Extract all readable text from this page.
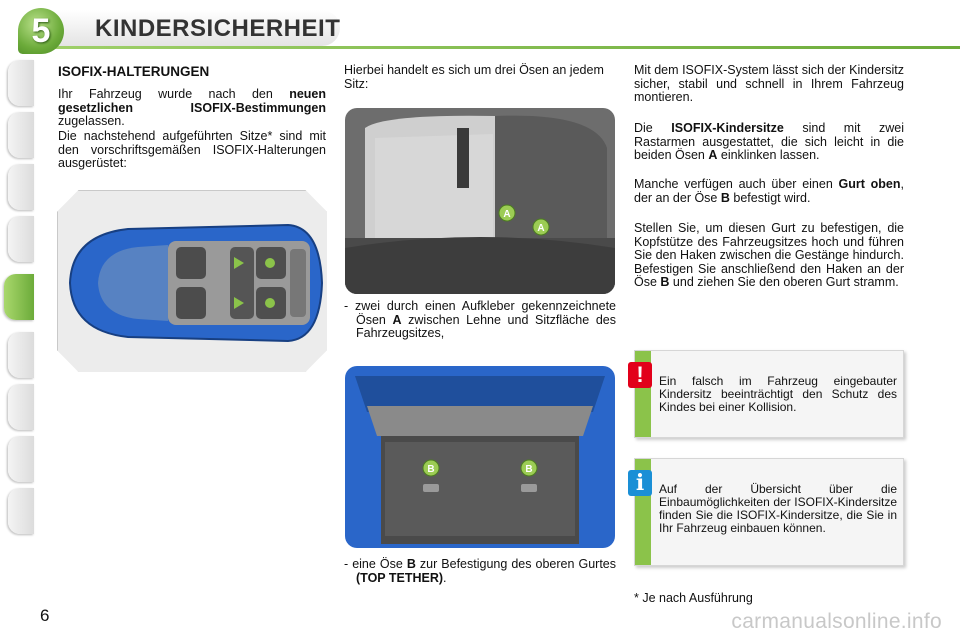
5	KINDERSICHERHEIT
ISOFIX-HALTERUNGEN

Ihr Fahrzeug wurde nach den neuen gesetzlichen ISOFIX-Bestimmungen zugelassen.

Die nachstehend aufgeführten Sitze* sind mit den vorschriftsgemäßen ISOFIX-Halterungen ausgerüstet:

Hierbei handelt es sich um drei Ösen an jedem Sitz:

A
A

- zwei durch einen Aufkleber gekennzeichnete Ösen A zwischen Lehne und Sitzfläche des Fahrzeugsitzes,

B	B

- eine Öse B zur Befestigung des oberen Gurtes (TOP TETHER).

Mit dem ISOFIX-System lässt sich der Kindersitz sicher, stabil und schnell in Ihrem Fahrzeug montieren.

Die ISOFIX-Kindersitze sind mit zwei Rastarmen ausgestattet, die sich leicht in die beiden Ösen A einklinken lassen.

Manche verfügen auch über einen Gurt oben, der an der Öse B befestigt wird.

Stellen Sie, um diesen Gurt zu befestigen, die Kopfstütze des Fahrzeugsitzes hoch und führen Sie den Haken zwischen die Gestänge hindurch. Befestigen Sie anschließend den Haken an der Öse B und ziehen Sie den oberen Gurt stramm.

Ein falsch im Fahrzeug eingebauter Kindersitz beeinträchtigt den Schutz des Kindes bei einer Kollision.
!
Auf der Übersicht über die Einbaumöglichkeiten der ISOFIX-Kindersitze finden Sie die ISOFIX-Kindersitze, die Sie in Ihr Fahrzeug einbauen können.
i

* Je nach Ausführung

6	carmanualsonline.info
